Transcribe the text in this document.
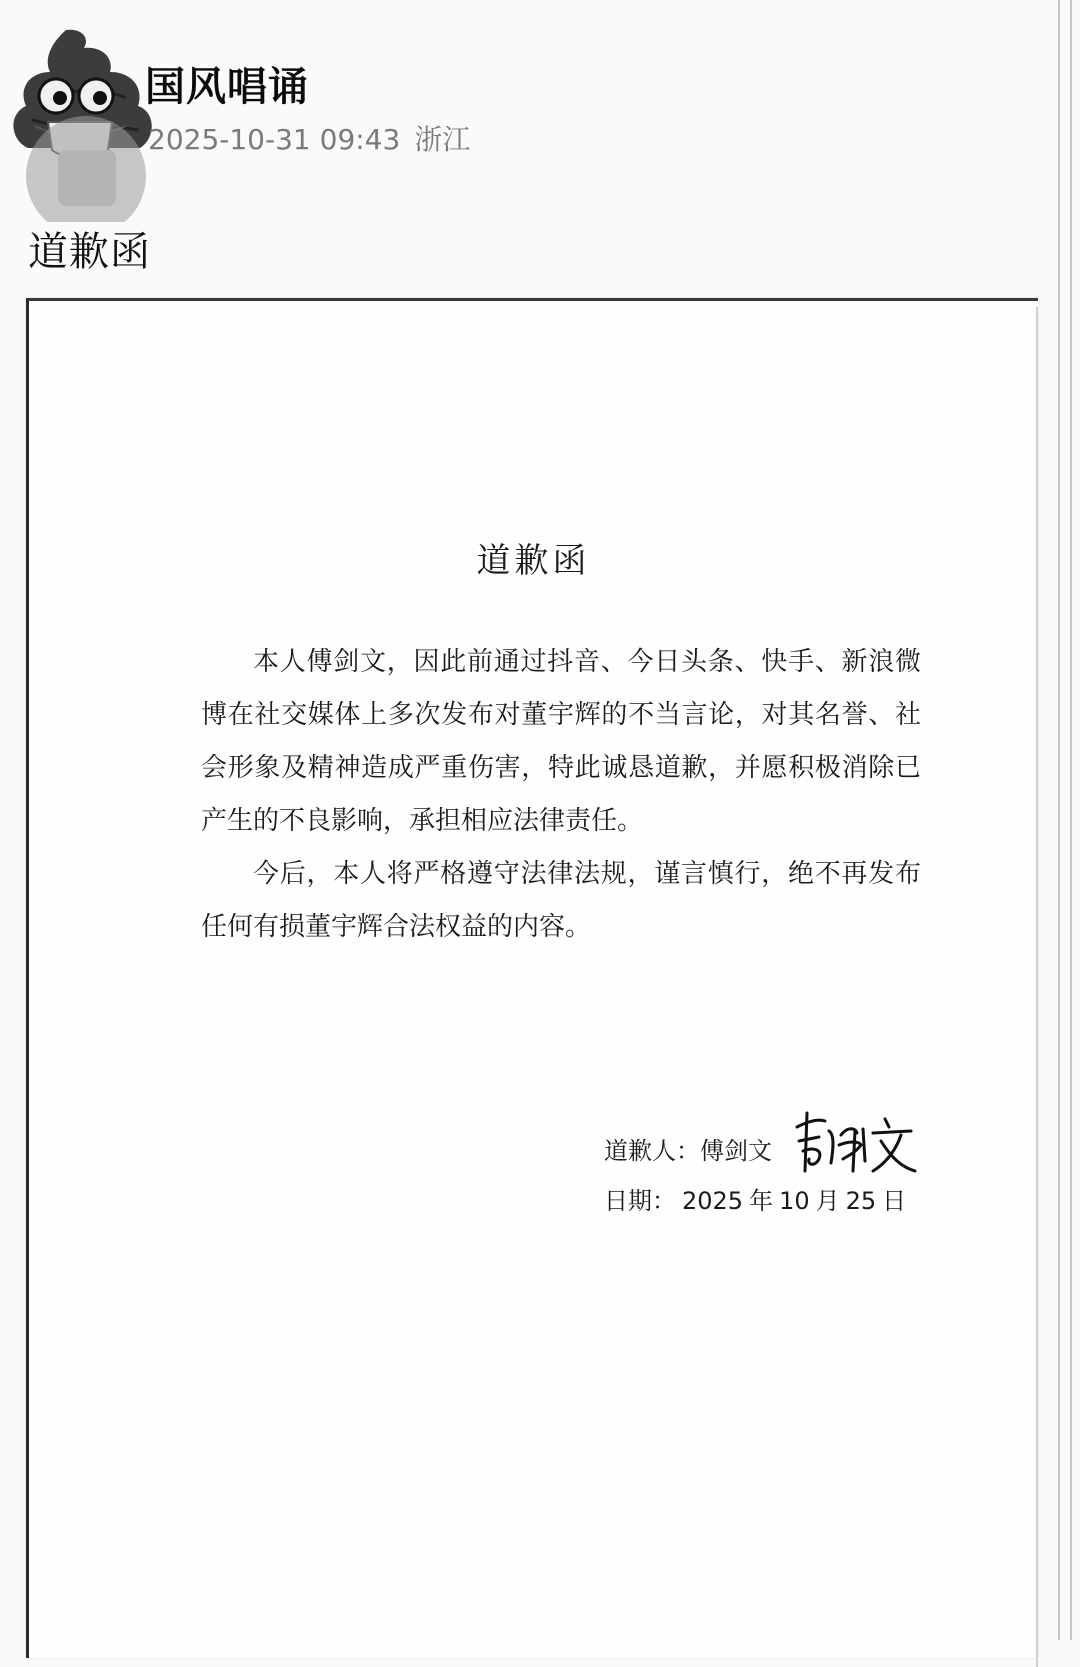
国风唱诵
2025-10-31 09:43 浙江
道歉函
道歉函

本人傅剑文，因此前通过抖音、今日头条、快手、新浪微博在社交媒体上多次发布对董宇辉的不当言论，对其名誉、社会形象及精神造成严重伤害，特此诚恳道歉，并愿积极消除已产生的不良影响，承担相应法律责任。

今后，本人将严格遵守法律法规，谨言慎行，绝不再发布任何有损董宇辉合法权益的内容。

道歉人：傅剑文
日期： 2025 年 10 月 25 日
